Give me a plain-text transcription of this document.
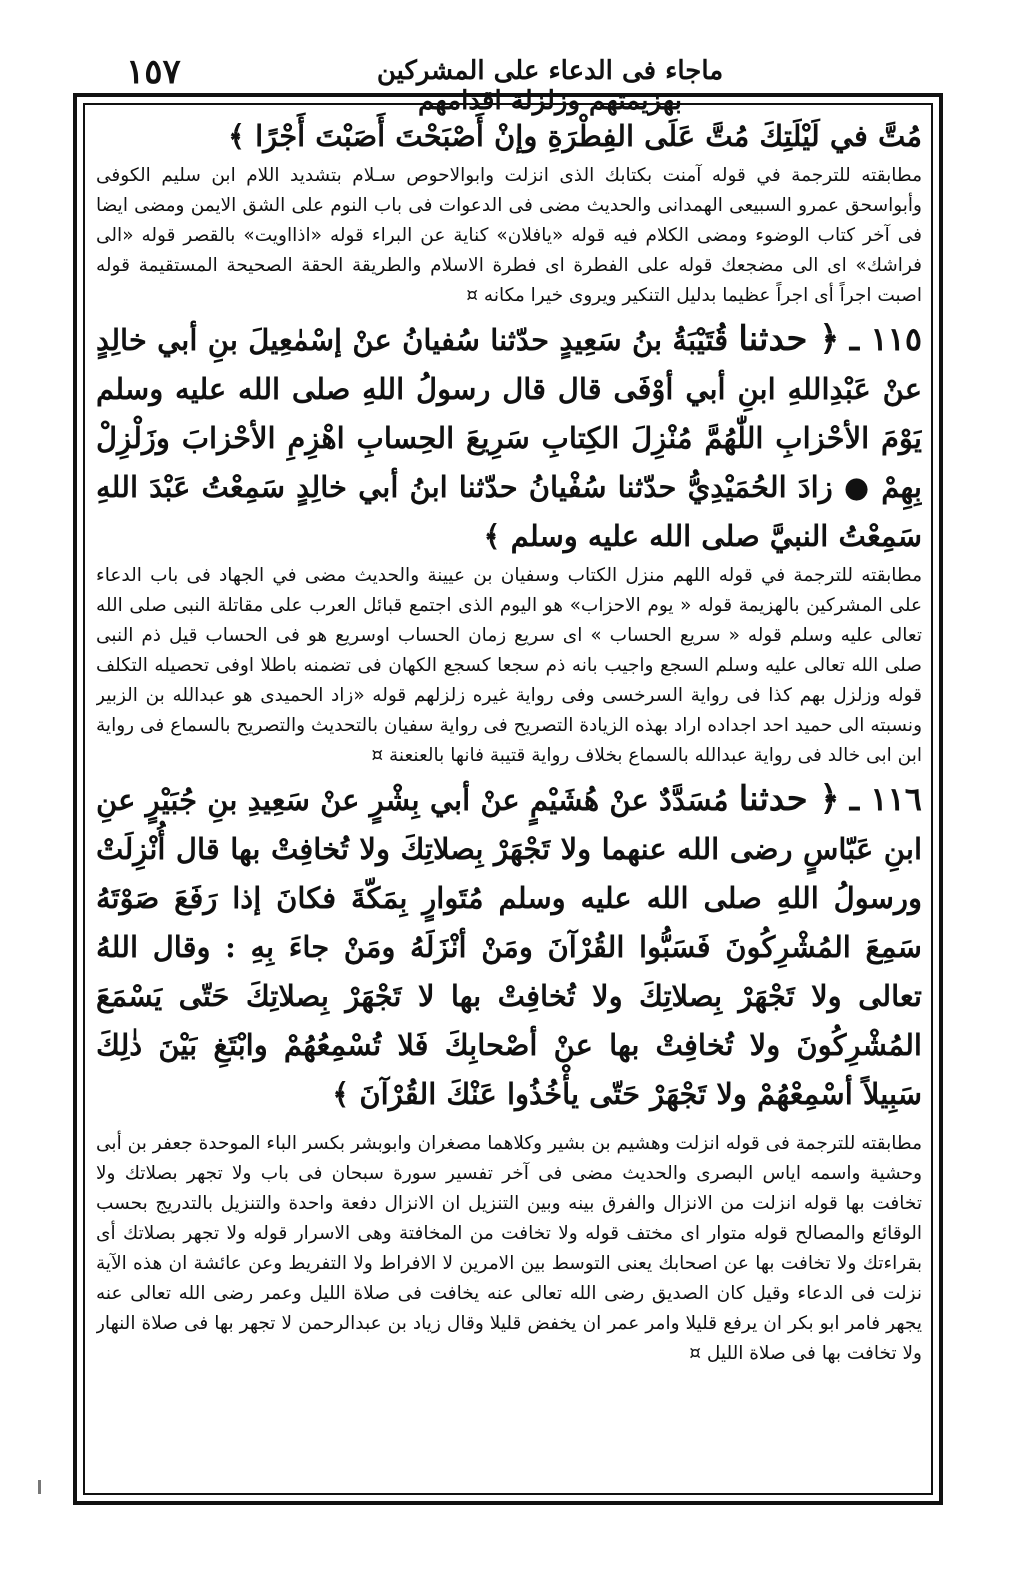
١٥٧	ماجاء فى الدعاء على المشركين بهزيمتهم وزلزلة اقدامهم

مُتَّ في لَيْلَتِكَ مُتَّ عَلَى الفِطْرَةِ وإنْ أَصْبَحْتَ أَصَبْتَ أَجْرًا ﴾

مطابقته للترجمة في قوله آمنت بكتابك الذى انزلت وابوالاحوص سـلام بتشديد اللام ابن سليم الكوفى وأبواسحق عمرو السبيعى الهمدانى والحديث مضى فى الدعوات فى باب النوم على الشق الايمن ومضى ايضا فى آخر كتاب الوضوء ومضى الكلام فيه قوله «يافلان» كناية عن البراء قوله «اذااويت» بالقصر قوله «الى فراشك» اى الى مضجعك قوله على الفطرة اى فطرة الاسلام والطريقة الحقة الصحيحة المستقيمة قوله اصبت اجراً أى اجراً عظيما بدليل التنكير ويروى خيرا مكانه ¤

١١٥ ـ ﴿ حدثنا قُتَيْبَةُ بنُ سَعِيدٍ حدّثنا سُفيانُ عنْ إسْمٰعِيلَ بنِ أبي خالِدٍ عنْ عَبْدِاللهِ ابنِ أبي أوْفَى قال قال رسولُ اللهِ صلى الله عليه وسلم يَوْمَ الأحْزابِ اللّٰهُمَّ مُنْزِلَ الكِتابِ سَرِيعَ الحِسابِ اهْزِمِ الأحْزابَ وزَلْزِلْ بِهِمْ ● زادَ الحُمَيْدِيُّ حدّثنا سُفْيانُ حدّثنا ابنُ أبي خالِدٍ سَمِعْتُ عَبْدَ اللهِ سَمِعْتُ النبيَّ صلى الله عليه وسلم ﴾

مطابقته للترجمة في قوله اللهم منزل الكتاب وسفيان بن عيينة والحديث مضى في الجهاد فى باب الدعاء على المشركين بالهزيمة قوله « يوم الاحزاب» هو اليوم الذى اجتمع قبائل العرب على مقاتلة النبى صلى الله تعالى عليه وسلم قوله « سريع الحساب » اى سريع زمان الحساب اوسريع هو فى الحساب قيل ذم النبى صلى الله تعالى عليه وسلم السجع واجيب بانه ذم سجعا كسجع الكهان فى تضمنه باطلا اوفى تحصيله التكلف قوله وزلزل بهم كذا فى رواية السرخسى وفى رواية غيره زلزلهم قوله «زاد الحميدى هو عبدالله بن الزبير ونسبته الى حميد احد اجداده اراد بهذه الزيادة التصريح فى رواية سفيان بالتحديث والتصريح بالسماع فى رواية ابن ابى خالد فى رواية عبدالله بالسماع بخلاف رواية قتيبة فانها بالعنعنة ¤

١١٦ ـ ﴿ حدثنا مُسَدَّدٌ عنْ هُشَيْمٍ عنْ أبي بِشْرٍ عنْ سَعِيدِ بنِ جُبَيْرٍ عنِ ابنِ عَبّاسٍ رضى الله عنهما ولا تَجْهَرْ بِصلاتِكَ ولا تُخافِتْ بها قال أُنْزِلَتْ ورسولُ اللهِ صلى الله عليه وسلم مُتَوارٍ بِمَكّةَ فكانَ إذا رَفَعَ صَوْتَهُ سَمِعَ المُشْرِكُونَ فَسَبُّوا القُرْآنَ ومَنْ أنْزَلَهُ ومَنْ جاءَ بِهِ : وقال اللهُ تعالى ولا تَجْهَرْ بِصلاتِكَ ولا تُخافِتْ بها لا تَجْهَرْ بِصلاتِكَ حَتّى يَسْمَعَ المُشْرِكُونَ ولا تُخافِتْ بها عنْ أصْحابِكَ فَلا تُسْمِعُهُمْ وابْتَغِ بَيْنَ ذٰلِكَ سَبِيلاً أسْمِعْهُمْ ولا تَجْهَرْ حَتّى يأْخُذُوا عَنْكَ القُرْآنَ ﴾

مطابقته للترجمة فى قوله انزلت وهشيم بن بشير وكلاهما مصغران وابوبشر بكسر الباء الموحدة جعفر بن أبى وحشية واسمه اياس البصرى والحديث مضى فى آخر تفسير سورة سبحان فى باب ولا تجهر بصلاتك ولا تخافت بها قوله انزلت من الانزال والفرق بينه وبين التنزيل ان الانزال دفعة واحدة والتنزيل بالتدريج بحسب الوقائع والمصالح قوله متوار اى مختف قوله ولا تخافت من المخافتة وهى الاسرار قوله ولا تجهر بصلاتك أى بقراءتك ولا تخافت بها عن اصحابك يعنى التوسط بين الامرين لا الافراط ولا التفريط وعن عائشة ان هذه الآية نزلت فى الدعاء وقيل كان الصديق رضى الله تعالى عنه يخافت فى صلاة الليل وعمر رضى الله تعالى عنه يجهر فامر ابو بكر ان يرفع قليلا وامر عمر ان يخفض قليلا وقال زياد بن عبدالرحمن لا تجهر بها فى صلاة النهار ولا تخافت بها فى صلاة الليل ¤
